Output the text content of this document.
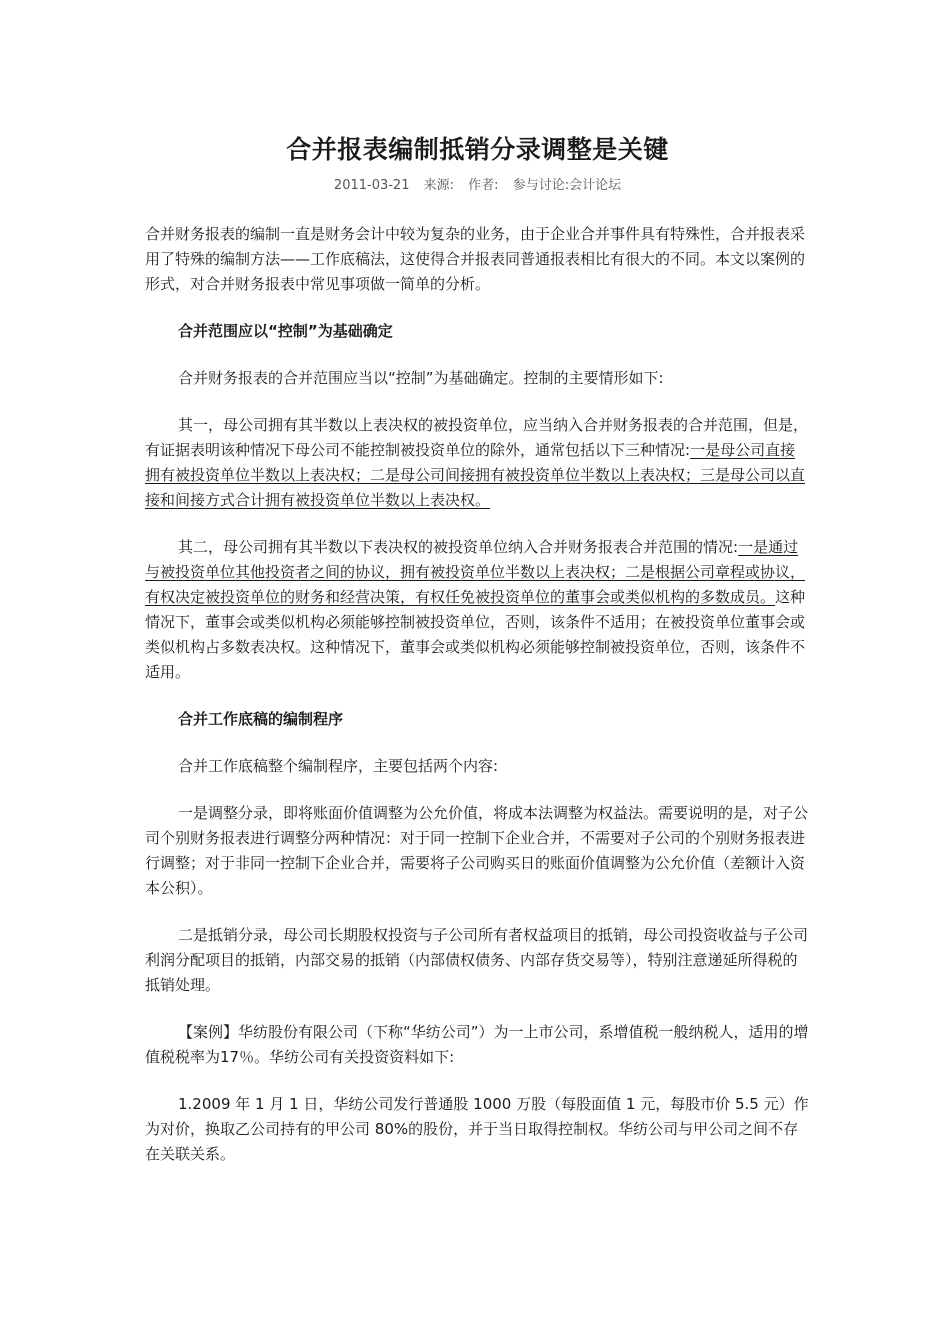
合并报表编制抵销分录调整是关键
2011-03-21 来源: 作者: 参与讨论:会计论坛

合并财务报表的编制一直是财务会计中较为复杂的业务，由于企业合并事件具有特殊性，合并报表采用了特殊的编制方法——工作底稿法，这使得合并报表同普通报表相比有很大的不同。本文以案例的形式，对合并财务报表中常见事项做一简单的分析。

合并范围应以“控制”为基础确定

合并财务报表的合并范围应当以“控制”为基础确定。控制的主要情形如下:

其一，母公司拥有其半数以上表决权的被投资单位，应当纳入合并财务报表的合并范围，但是，有证据表明该种情况下母公司不能控制被投资单位的除外，通常包括以下三种情况:一是母公司直接拥有被投资单位半数以上表决权；二是母公司间接拥有被投资单位半数以上表决权；三是母公司以直接和间接方式合计拥有被投资单位半数以上表决权。

其二，母公司拥有其半数以下表决权的被投资单位纳入合并财务报表合并范围的情况:一是通过与被投资单位其他投资者之间的协议，拥有被投资单位半数以上表决权；二是根据公司章程或协议，有权决定被投资单位的财务和经营决策，有权任免被投资单位的董事会或类似机构的多数成员。这种情况下，董事会或类似机构必须能够控制被投资单位，否则，该条件不适用；在被投资单位董事会或类似机构占多数表决权。这种情况下，董事会或类似机构必须能够控制被投资单位，否则，该条件不适用。

合并工作底稿的编制程序

合并工作底稿整个编制程序，主要包括两个内容:

一是调整分录，即将账面价值调整为公允价值，将成本法调整为权益法。需要说明的是，对子公司个别财务报表进行调整分两种情况：对于同一控制下企业合并，不需要对子公司的个别财务报表进行调整；对于非同一控制下企业合并，需要将子公司购买日的账面价值调整为公允价值（差额计入资本公积）。

二是抵销分录，母公司长期股权投资与子公司所有者权益项目的抵销，母公司投资收益与子公司利润分配项目的抵销，内部交易的抵销（内部债权债务、内部存货交易等），特别注意递延所得税的抵销处理。

【案例】华纺股份有限公司（下称“华纺公司”）为一上市公司，系增值税一般纳税人，适用的增值税税率为17％。华纺公司有关投资资料如下:

1.2009 年 1 月 1 日，华纺公司发行普通股 1000 万股（每股面值 1 元，每股市价 5.5 元）作为对价，换取乙公司持有的甲公司 80%的股份，并于当日取得控制权。华纺公司与甲公司之间不存在关联关系。
